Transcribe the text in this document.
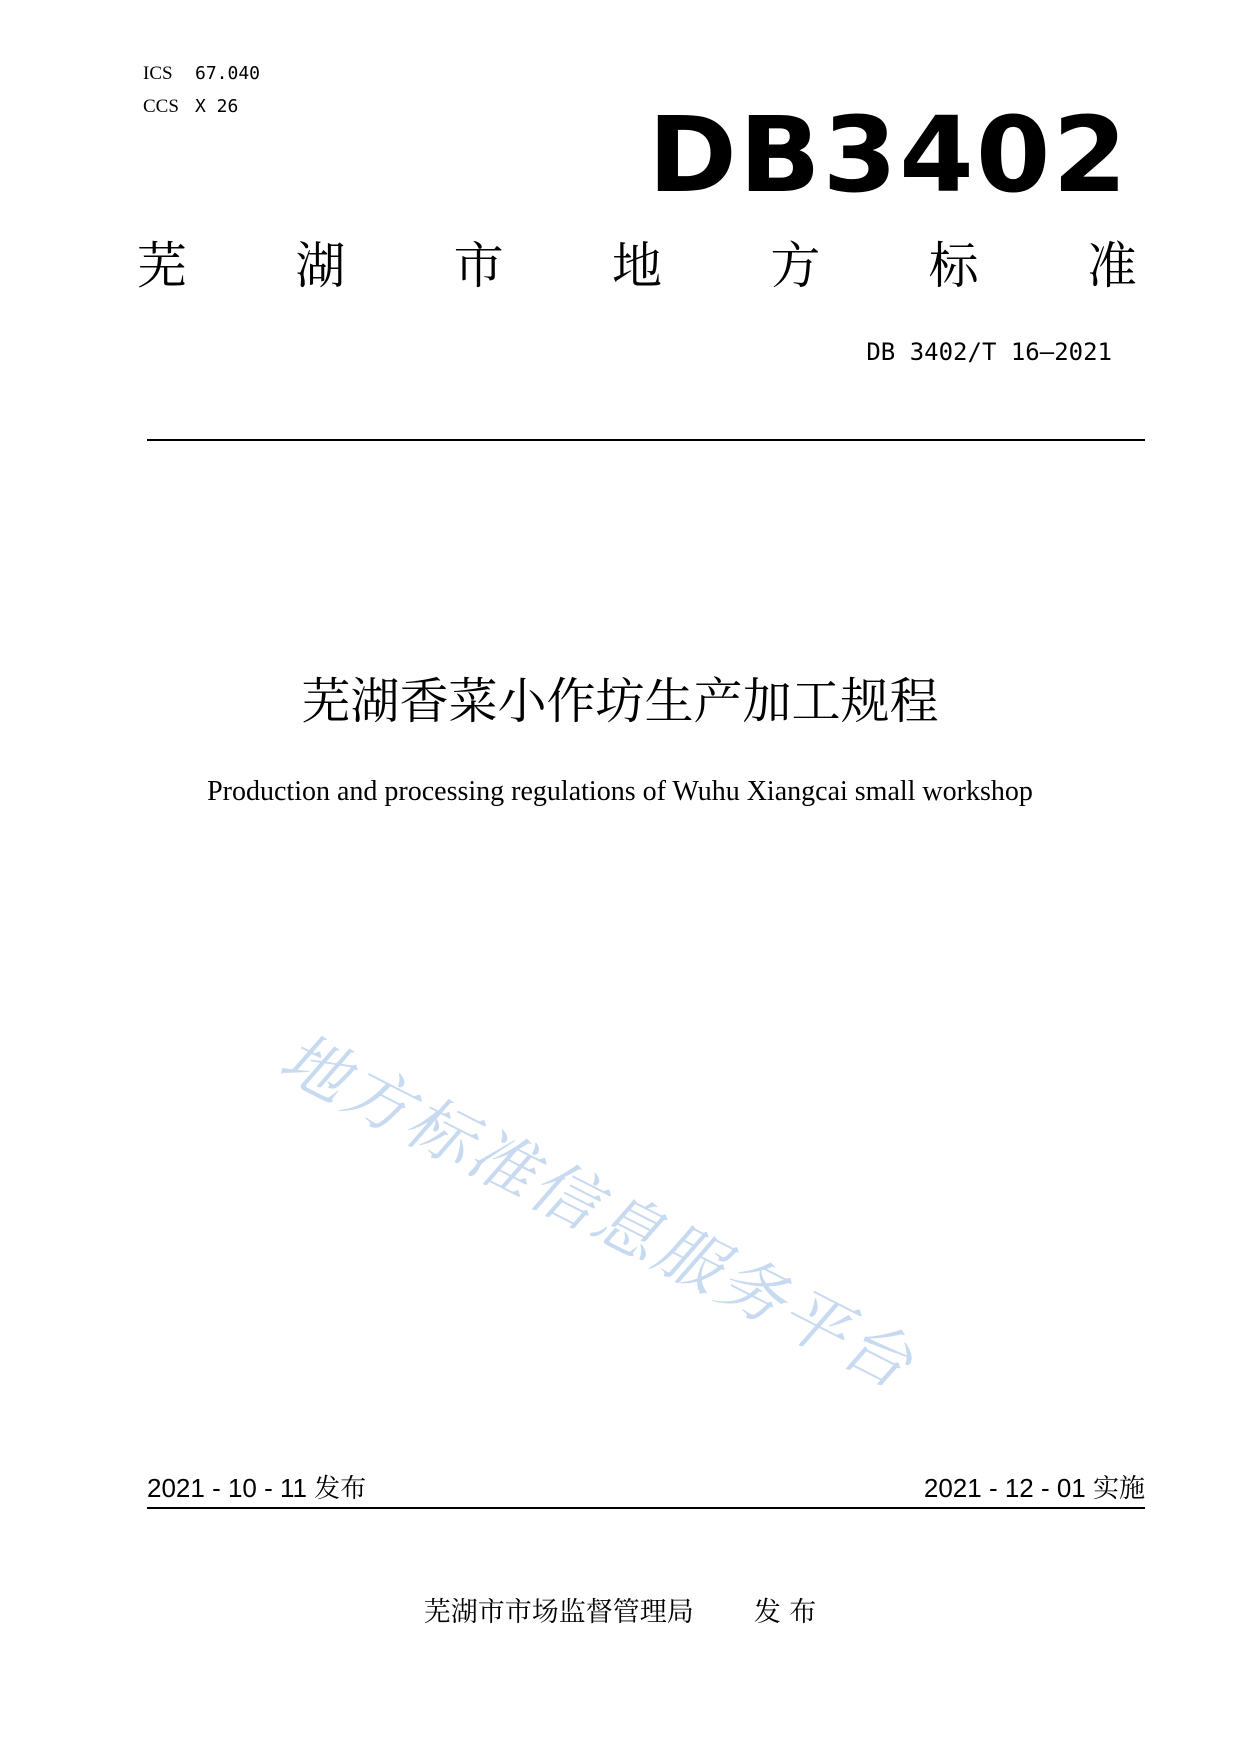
ICS 67.040
CCS X 26	DB3402
芜 湖 市 地 方 标 准
DB 3402/T 16—2021
芜湖香菜小作坊生产加工规程
Production and processing regulations of Wuhu Xiangcai small workshop
地方标准信息服务平台
2021 - 10 - 11 发布	2021 - 12 - 01 实施
芜湖市市场监督管理局 发 布
